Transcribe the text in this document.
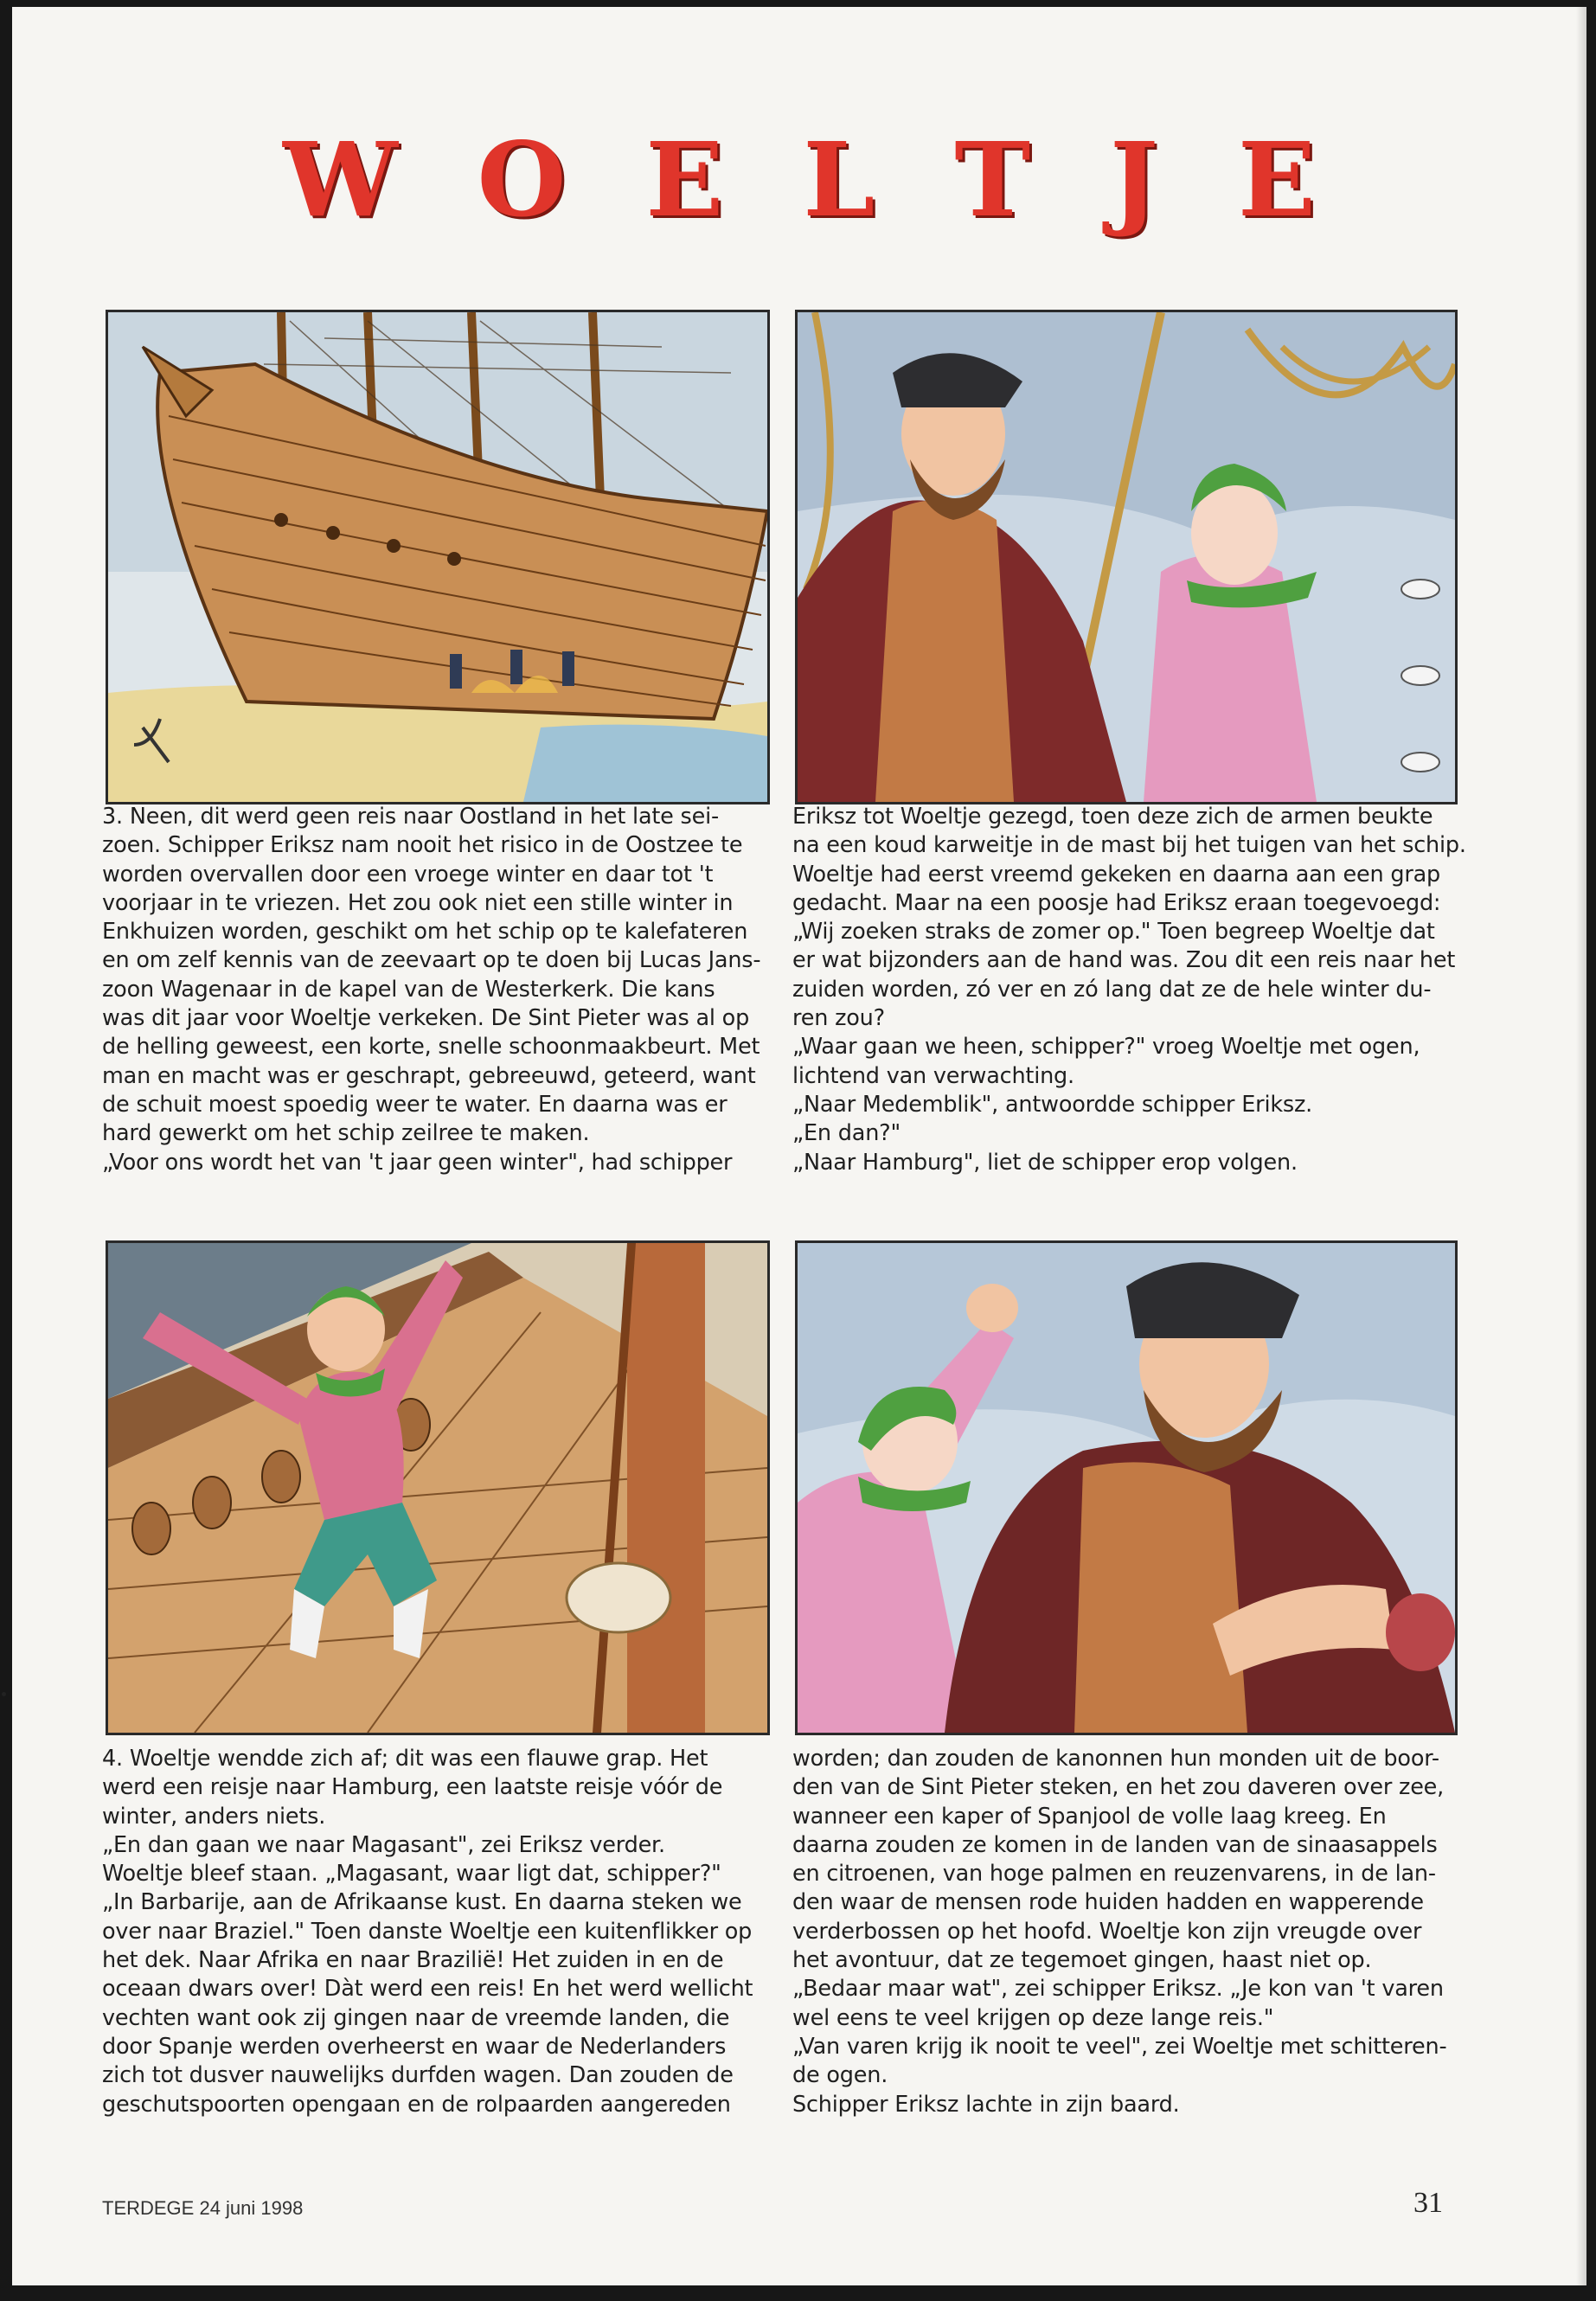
W O E L T J E
3. Neen, dit werd geen reis naar Oostland in het late sei-
zoen. Schipper Eriksz nam nooit het risico in de Oostzee te
worden overvallen door een vroege winter en daar tot 't
voorjaar in te vriezen. Het zou ook niet een stille winter in
Enkhuizen worden, geschikt om het schip op te kalefateren
en om zelf kennis van de zeevaart op te doen bij Lucas Jans-
zoon Wagenaar in de kapel van de Westerkerk. Die kans
was dit jaar voor Woeltje verkeken. De Sint Pieter was al op
de helling geweest, een korte, snelle schoonmaakbeurt. Met
man en macht was er geschrapt, gebreeuwd, geteerd, want
de schuit moest spoedig weer te water. En daarna was er
hard gewerkt om het schip zeilree te maken.
„Voor ons wordt het van 't jaar geen winter", had schipper
Eriksz tot Woeltje gezegd, toen deze zich de armen beukte
na een koud karweitje in de mast bij het tuigen van het schip.
Woeltje had eerst vreemd gekeken en daarna aan een grap
gedacht. Maar na een poosje had Eriksz eraan toegevoegd:
„Wij zoeken straks de zomer op." Toen begreep Woeltje dat
er wat bijzonders aan de hand was. Zou dit een reis naar het
zuiden worden, zó ver en zó lang dat ze de hele winter du-
ren zou?
„Waar gaan we heen, schipper?" vroeg Woeltje met ogen,
lichtend van verwachting.
„Naar Medemblik", antwoordde schipper Eriksz.
„En dan?"
„Naar Hamburg", liet de schipper erop volgen.
4. Woeltje wendde zich af; dit was een flauwe grap. Het
werd een reisje naar Hamburg, een laatste reisje vóór de
winter, anders niets.
„En dan gaan we naar Magasant", zei Eriksz verder.
Woeltje bleef staan. „Magasant, waar ligt dat, schipper?"
„In Barbarije, aan de Afrikaanse kust. En daarna steken we
over naar Braziel." Toen danste Woeltje een kuitenflikker op
het dek. Naar Afrika en naar Brazilië! Het zuiden in en de
oceaan dwars over! Dàt werd een reis! En het werd wellicht
vechten want ook zij gingen naar de vreemde landen, die
door Spanje werden overheerst en waar de Nederlanders
zich tot dusver nauwelijks durfden wagen. Dan zouden de
geschutspoorten opengaan en de rolpaarden aangereden
worden; dan zouden de kanonnen hun monden uit de boor-
den van de Sint Pieter steken, en het zou daveren over zee,
wanneer een kaper of Spanjool de volle laag kreeg. En
daarna zouden ze komen in de landen van de sinaasappels
en citroenen, van hoge palmen en reuzenvarens, in de lan-
den waar de mensen rode huiden hadden en wapperende
verderbossen op het hoofd. Woeltje kon zijn vreugde over
het avontuur, dat ze tegemoet gingen, haast niet op.
„Bedaar maar wat", zei schipper Eriksz. „Je kon van 't varen
wel eens te veel krijgen op deze lange reis."
„Van varen krijg ik nooit te veel", zei Woeltje met schitteren-
de ogen.
Schipper Eriksz lachte in zijn baard.
TERDEGE 24 juni 1998	31
